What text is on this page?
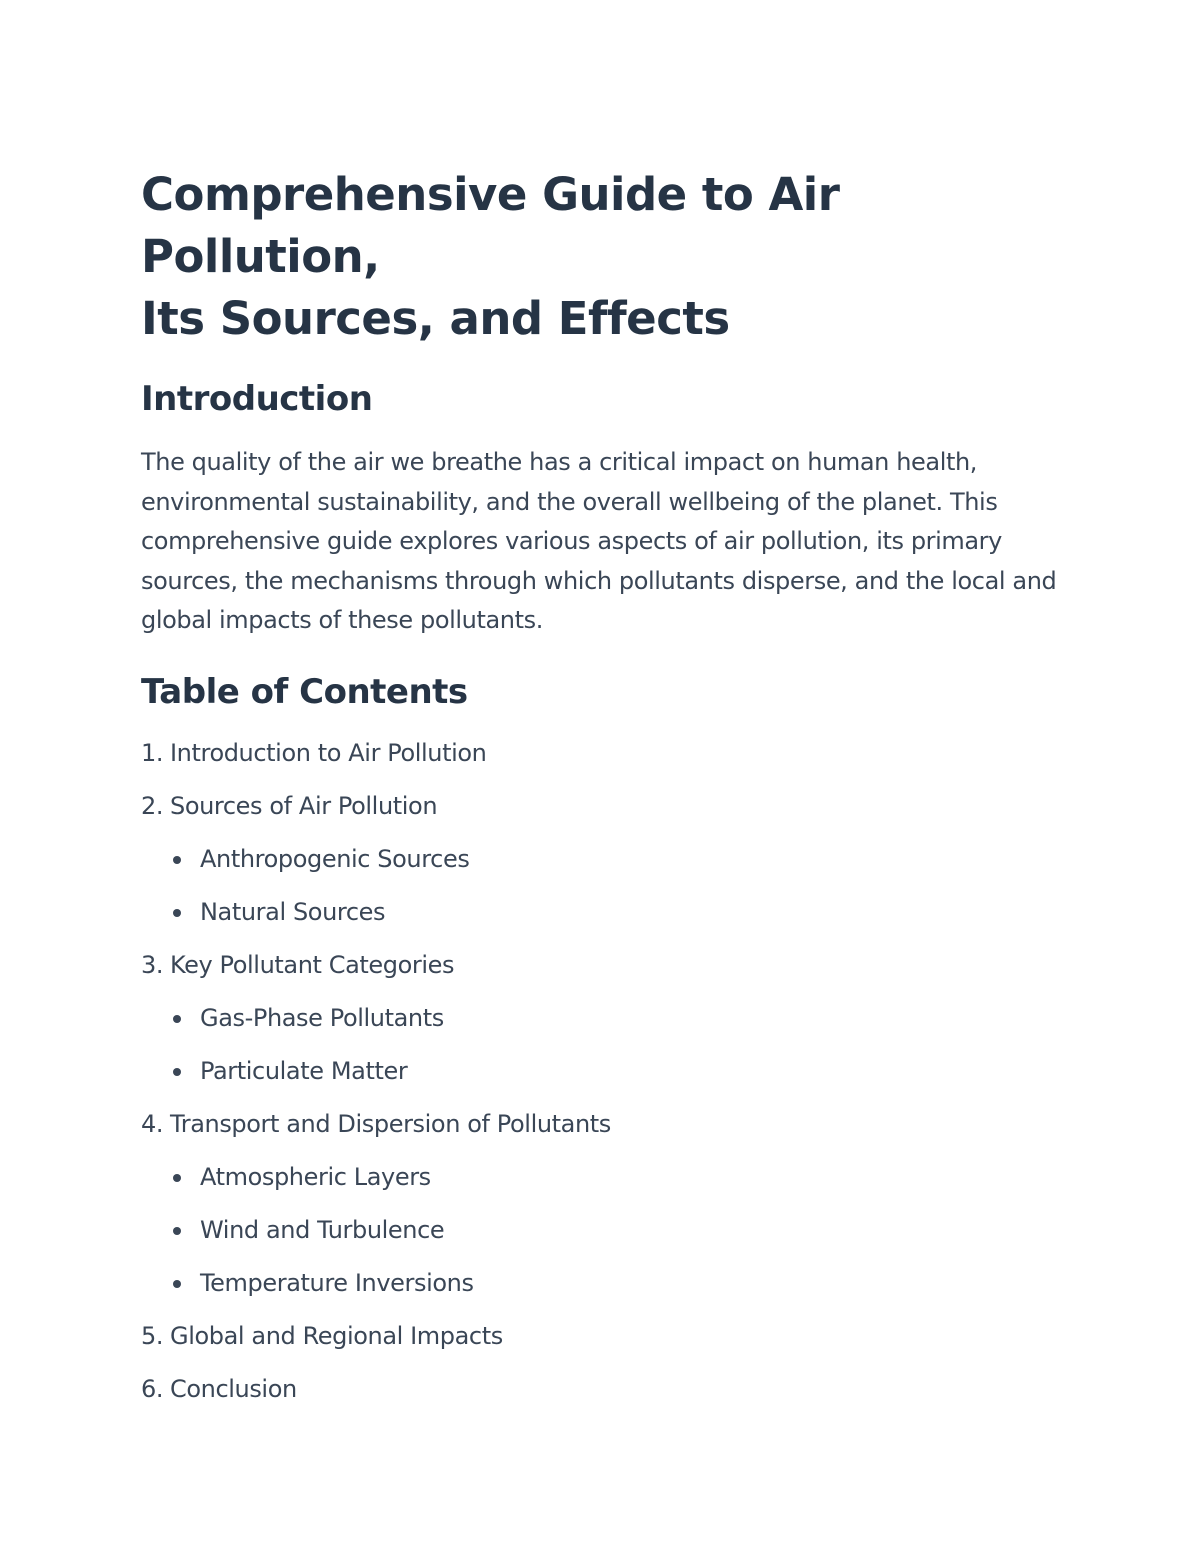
Comprehensive Guide to Air Pollution,
Its Sources, and Effects
Introduction

The quality of the air we breathe has a critical impact on human health, environmental sustainability, and the overall wellbeing of the planet. This comprehensive guide explores various aspects of air pollution, its primary sources, the mechanisms through which pollutants disperse, and the local and global impacts of these pollutants.

Table of Contents
1. Introduction to Air Pollution
2. Sources of Air Pollution
Anthropogenic Sources
Natural Sources
3. Key Pollutant Categories
Gas-Phase Pollutants
Particulate Matter
4. Transport and Dispersion of Pollutants
Atmospheric Layers
Wind and Turbulence
Temperature Inversions
5. Global and Regional Impacts
6. Conclusion
